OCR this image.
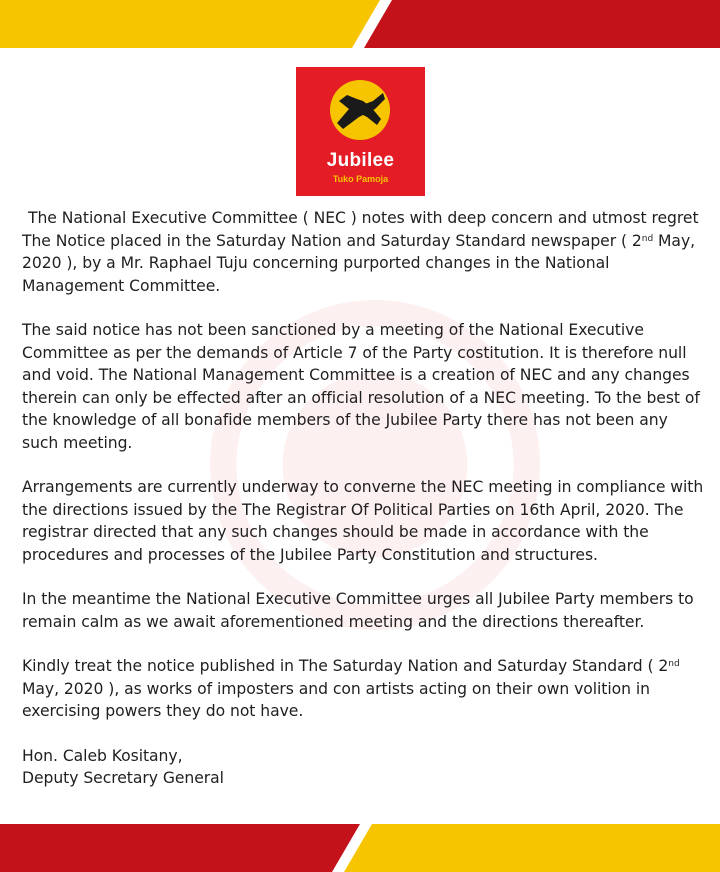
Jubilee
Tuko Pamoja

The National Executive Committee ( NEC ) notes with deep concern and utmost regret The Notice placed in the Saturday Nation and Saturday Standard newspaper ( 2nd May, 2020 ), by a Mr. Raphael Tuju concerning purported changes in the National Management Committee.

The said notice has not been sanctioned by a meeting of the National Executive Committee as per the demands of Article 7 of the Party costitution. It is therefore null and void. The National Management Committee is a creation of NEC and any changes therein can only be effected after an official resolution of a NEC meeting. To the best of the knowledge of all bonafide members of the Jubilee Party there has not been any such meeting.

Arrangements are currently underway to converne the NEC meeting in compliance with the directions issued by the The Registrar Of Political Parties on 16th April, 2020. The registrar directed that any such changes should be made in accordance with the procedures and processes of the Jubilee Party Constitution and structures.

In the meantime the National Executive Committee urges all Jubilee Party members to remain calm as we await aforementioned meeting and the directions thereafter.

Kindly treat the notice published in The Saturday Nation and Saturday Standard ( 2nd May, 2020 ), as works of imposters and con artists acting on their own volition in exercising powers they do not have.

Hon. Caleb Kositany,
Deputy Secretary General
